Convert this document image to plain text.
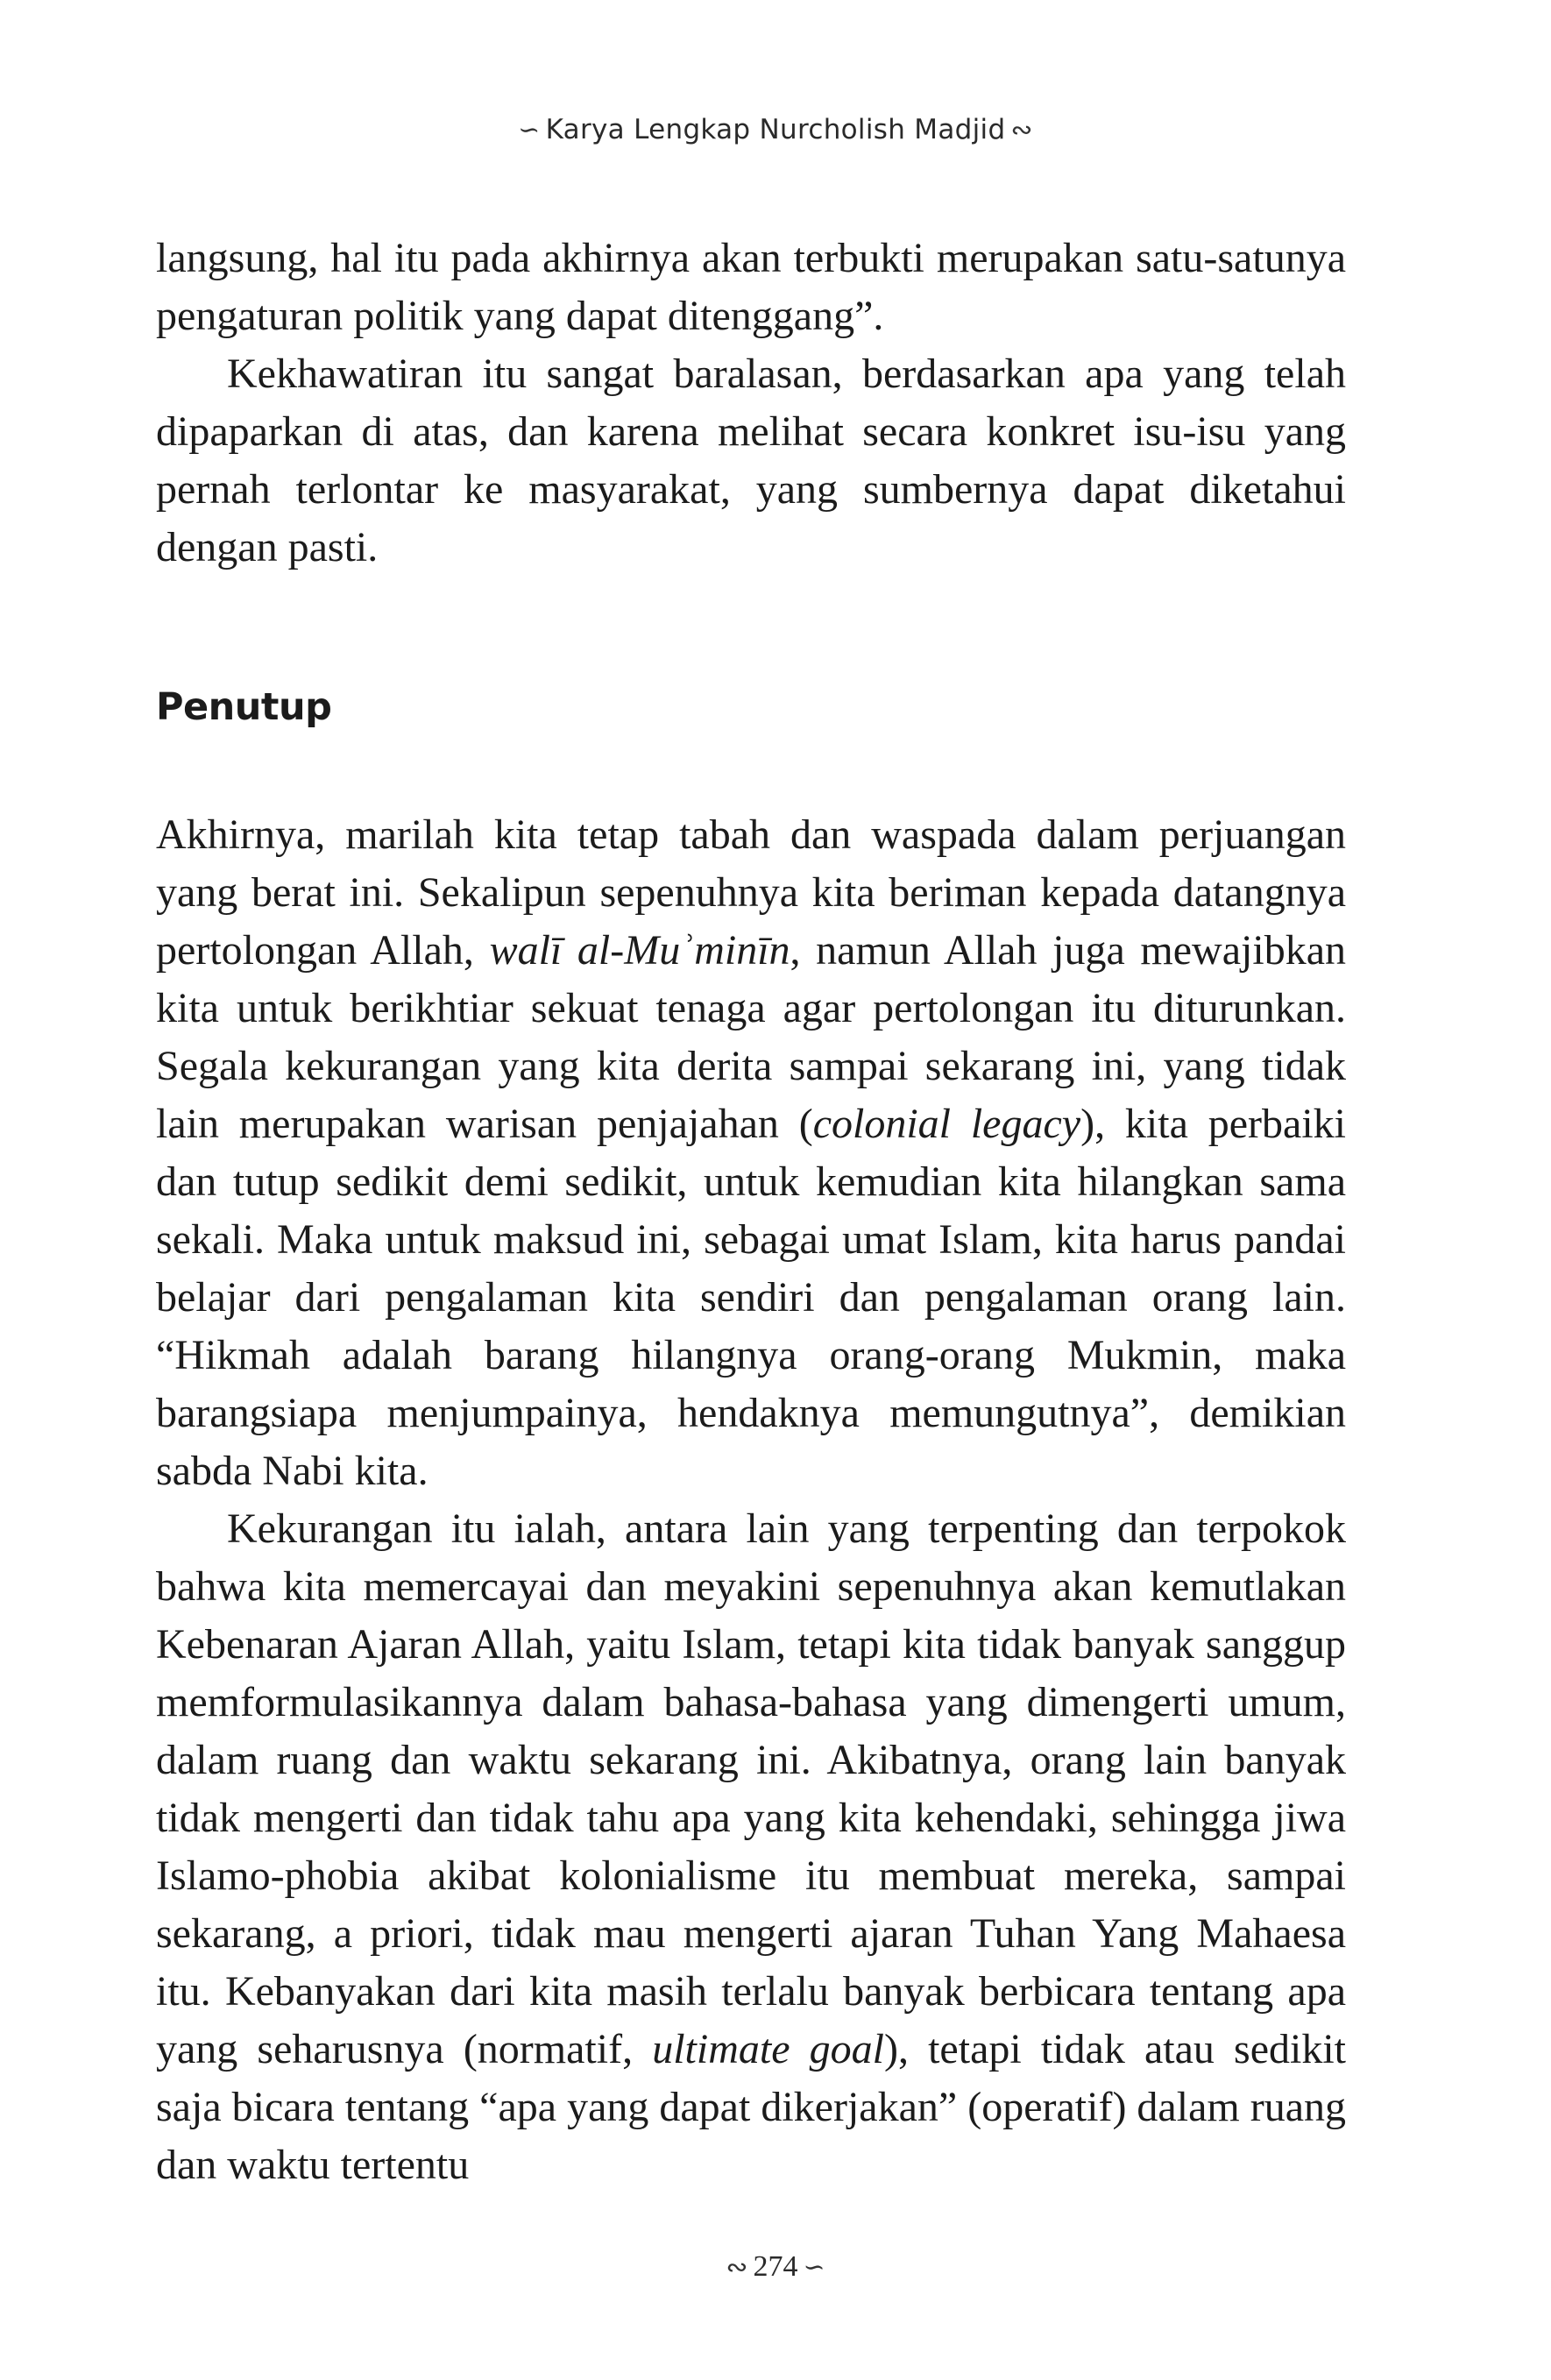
∽ Karya Lengkap Nurcholish Madjid ∾

langsung, hal itu pada akhirnya akan terbukti merupakan satu-satunya pengaturan politik yang dapat ditenggang”.

Kekhawatiran itu sangat baralasan, berdasarkan apa yang telah dipaparkan di atas, dan karena melihat secara konkret isu-isu yang pernah terlontar ke masyarakat, yang sumbernya dapat diketahui dengan pasti.

Penutup

Akhirnya, marilah kita tetap tabah dan waspada dalam perjuangan yang berat ini. Sekalipun sepenuhnya kita beriman kepada datangnya pertolongan Allah, walī al-Muʾminīn, namun Allah juga mewajibkan kita untuk berikhtiar sekuat tenaga agar pertolongan itu diturunkan. Segala kekurangan yang kita derita sampai sekarang ini, yang tidak lain merupakan warisan penjajahan (colonial legacy), kita perbaiki dan tutup sedikit demi sedikit, untuk kemudian kita hilangkan sama sekali. Maka untuk maksud ini, sebagai umat Islam, kita harus pandai belajar dari pengalaman kita sendiri dan pengalaman orang lain. “Hikmah adalah barang hilangnya orang-orang Mukmin, maka barangsiapa menjumpainya, hendaknya memungutnya”, demikian sabda Nabi kita.

Kekurangan itu ialah, antara lain yang terpenting dan terpokok bahwa kita memercayai dan meyakini sepenuhnya akan kemutlakan Kebenaran Ajaran Allah, yaitu Islam, tetapi kita tidak banyak sanggup memformulasikannya dalam bahasa-bahasa yang dimengerti umum, dalam ruang dan waktu sekarang ini. Akibatnya, orang lain banyak tidak mengerti dan tidak tahu apa yang kita kehendaki, sehingga jiwa Islamo-phobia akibat kolonialisme itu membuat mereka, sampai sekarang, a priori, tidak mau mengerti ajaran Tuhan Yang Mahaesa itu. Kebanyakan dari kita masih terlalu banyak berbicara tentang apa yang seharusnya (normatif, ultimate goal), tetapi tidak atau sedikit saja bicara tentang “apa yang dapat dikerjakan” (operatif) dalam ruang dan waktu tertentu

∾ 274 ∽
